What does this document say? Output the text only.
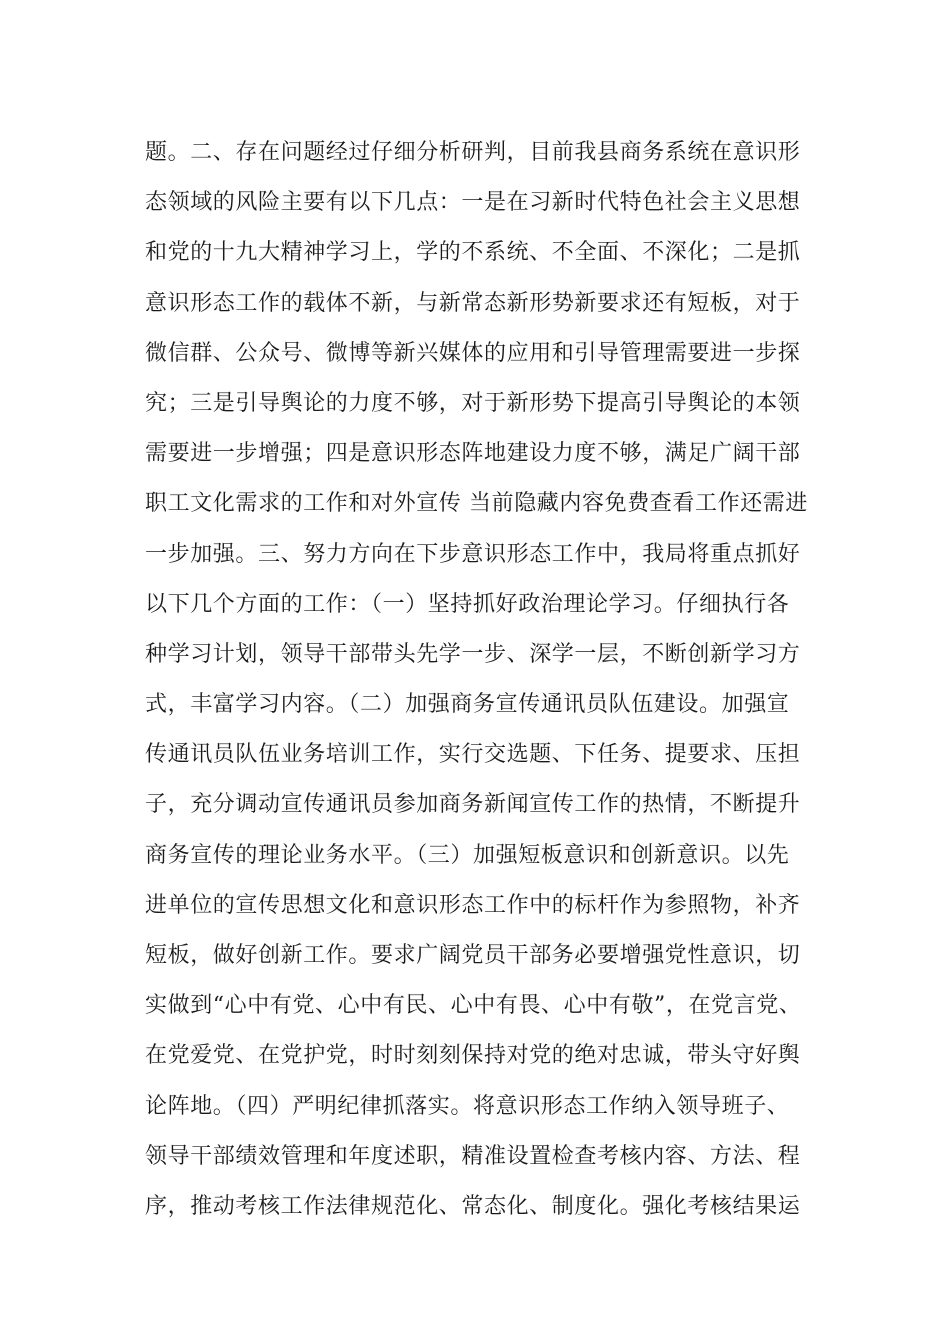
题。二、存在问题经过仔细分析研判，目前我县商务系统在意识形
态领域的风险主要有以下几点：一是在习新时代特色社会主义思想
和党的十九大精神学习上，学的不系统、不全面、不深化；二是抓
意识形态工作的载体不新，与新常态新形势新要求还有短板，对于
微信群、公众号、微博等新兴媒体的应用和引导管理需要进一步探
究；三是引导舆论的力度不够，对于新形势下提高引导舆论的本领
需要进一步增强；四是意识形态阵地建设力度不够，满足广阔干部
职工文化需求的工作和对外宣传 当前隐藏内容免费查看工作还需进
一步加强。三、努力方向在下步意识形态工作中，我局将重点抓好
以下几个方面的工作：（一）坚持抓好政治理论学习。仔细执行各
种学习计划，领导干部带头先学一步、深学一层，不断创新学习方
式，丰富学习内容。（二）加强商务宣传通讯员队伍建设。加强宣
传通讯员队伍业务培训工作，实行交选题、下任务、提要求、压担
子，充分调动宣传通讯员参加商务新闻宣传工作的热情，不断提升
商务宣传的理论业务水平。（三）加强短板意识和创新意识。以先
进单位的宣传思想文化和意识形态工作中的标杆作为参照物，补齐
短板，做好创新工作。要求广阔党员干部务必要增强党性意识，切
实做到“心中有党、心中有民、心中有畏、心中有敬”，在党言党、
在党爱党、在党护党，时时刻刻保持对党的绝对忠诚，带头守好舆
论阵地。（四）严明纪律抓落实。将意识形态工作纳入领导班子、
领导干部绩效管理和年度述职，精准设置检查考核内容、方法、程
序，推动考核工作法律规范化、常态化、制度化。强化考核结果运
